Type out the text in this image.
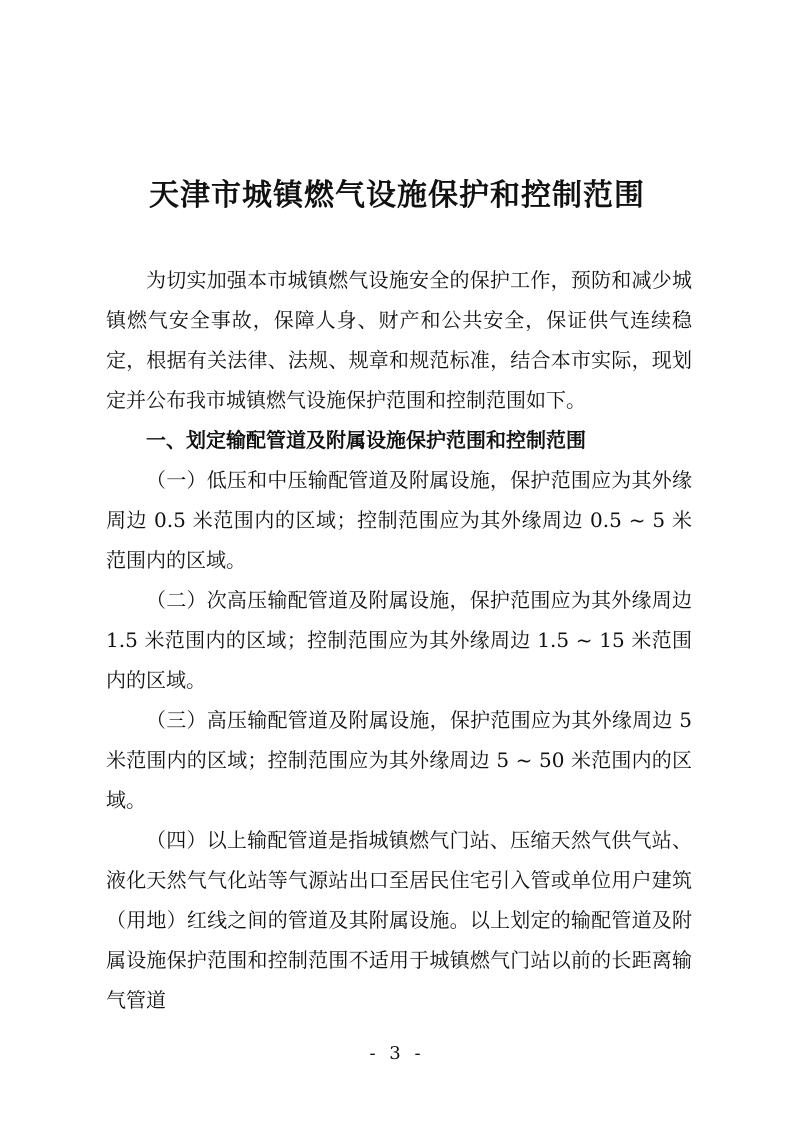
天津市城镇燃气设施保护和控制范围

为切实加强本市城镇燃气设施安全的保护工作，预防和减少城镇燃气安全事故，保障人身、财产和公共安全，保证供气连续稳定，根据有关法律、法规、规章和规范标准，结合本市实际，现划定并公布我市城镇燃气设施保护范围和控制范围如下。

一、划定输配管道及附属设施保护范围和控制范围

（一）低压和中压输配管道及附属设施，保护范围应为其外缘周边 0.5 米范围内的区域；控制范围应为其外缘周边 0.5 ~ 5 米范围内的区域。

（二）次高压输配管道及附属设施，保护范围应为其外缘周边 1.5 米范围内的区域；控制范围应为其外缘周边 1.5 ~ 15 米范围内的区域。

（三）高压输配管道及附属设施，保护范围应为其外缘周边 5 米范围内的区域；控制范围应为其外缘周边 5 ~ 50 米范围内的区域。

（四）以上输配管道是指城镇燃气门站、压缩天然气供气站、液化天然气气化站等气源站出口至居民住宅引入管或单位用户建筑（用地）红线之间的管道及其附属设施。以上划定的输配管道及附属设施保护范围和控制范围不适用于城镇燃气门站以前的长距离输气管道

- 3 -
